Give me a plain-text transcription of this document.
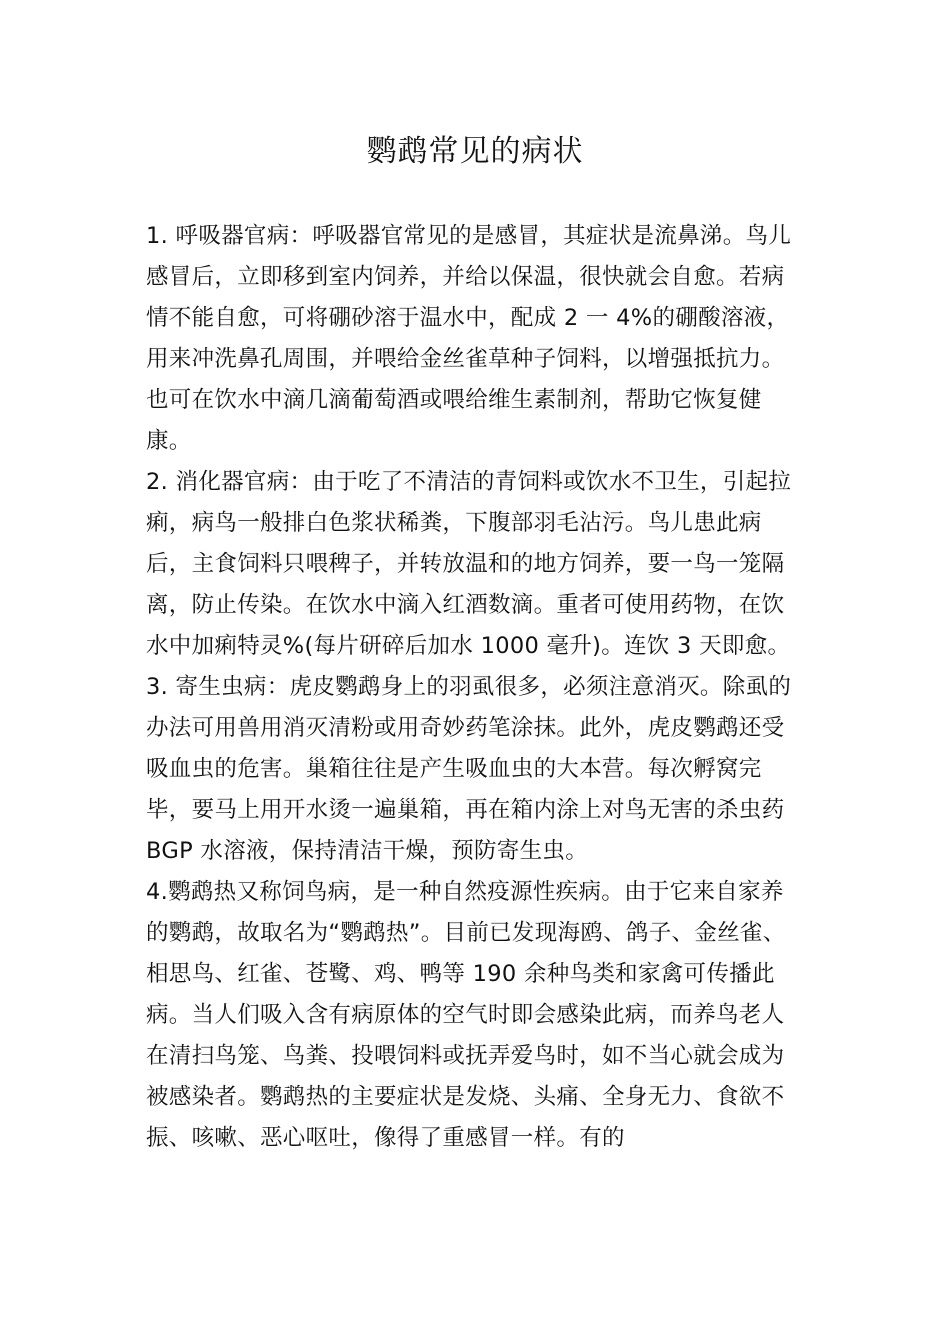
鹦鹉常见的病状

1. 呼吸器官病：呼吸器官常见的是感冒，其症状是流鼻涕。鸟儿感冒后，立即移到室内饲养，并给以保温，很快就会自愈。若病情不能自愈，可将硼砂溶于温水中，配成 2 一 4%的硼酸溶液，用来冲洗鼻孔周围，并喂给金丝雀草种子饲料，以增强抵抗力。也可在饮水中滴几滴葡萄酒或喂给维生素制剂，帮助它恢复健康。

2. 消化器官病：由于吃了不清洁的青饲料或饮水不卫生，引起拉痢，病鸟一般排白色浆状稀粪，下腹部羽毛沾污。鸟儿患此病后，主食饲料只喂稗子，并转放温和的地方饲养，要一鸟一笼隔离，防止传染。在饮水中滴入红酒数滴。重者可使用药物，在饮水中加痢特灵%(每片研碎后加水 1000 毫升)。连饮 3 天即愈。

3. 寄生虫病：虎皮鹦鹉身上的羽虱很多，必须注意消灭。除虱的办法可用兽用消灭清粉或用奇妙药笔涂抹。此外，虎皮鹦鹉还受吸血虫的危害。巢箱往往是产生吸血虫的大本营。每次孵窝完毕，要马上用开水烫一遍巢箱，再在箱内涂上对鸟无害的杀虫药 BGP 水溶液，保持清洁干燥，预防寄生虫。

4.鹦鹉热又称饲鸟病，是一种自然疫源性疾病。由于它来自家养的鹦鹉，故取名为“鹦鹉热”。目前已发现海鸥、鸽子、金丝雀、相思鸟、红雀、苍鹭、鸡、鸭等 190 余种鸟类和家禽可传播此病。当人们吸入含有病原体的空气时即会感染此病，而养鸟老人在清扫鸟笼、鸟粪、投喂饲料或抚弄爱鸟时，如不当心就会成为被感染者。鹦鹉热的主要症状是发烧、头痛、全身无力、食欲不振、咳嗽、恶心呕吐，像得了重感冒一样。有的
